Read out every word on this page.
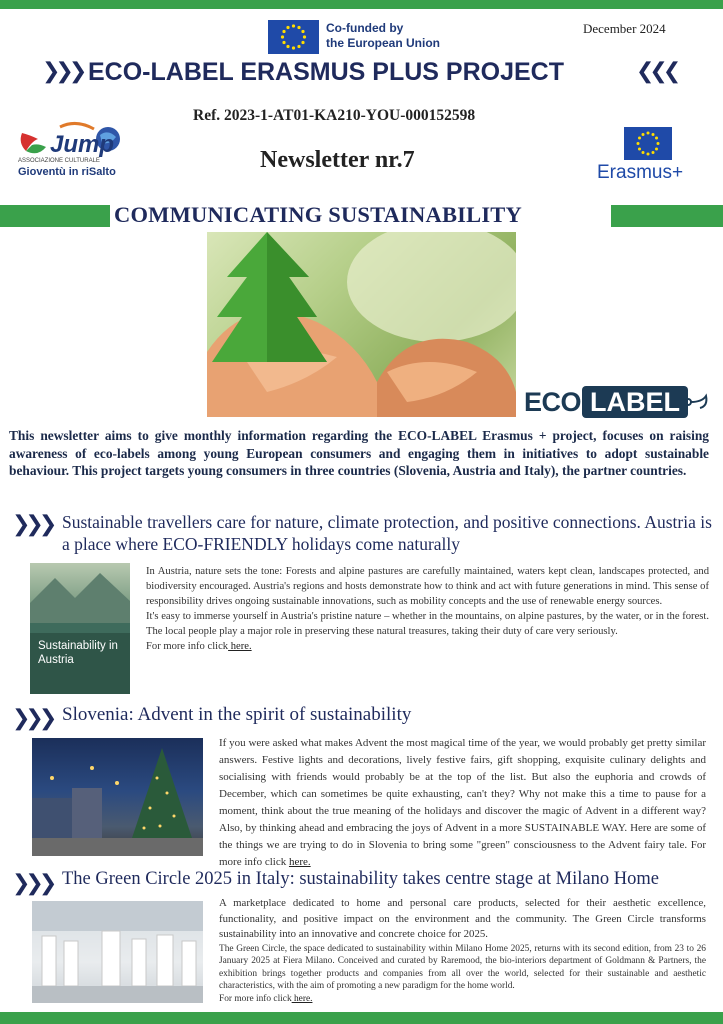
Co-funded by
the European Union
December 2024
❯❯❯ ECO-LABEL ERASMUS PLUS PROJECT	❮❮❮
Ref. 2023-1-AT01-KA210-YOU-000152598
Jump
ASSOCIAZIONE CULTURALE
Gioventù in riSalto	Newsletter nr.7	Erasmus+
COMMUNICATING SUSTAINABILITY
ECO LABEL
This newsletter aims to give monthly information regarding the ECO-LABEL Erasmus + project, focuses on raising awareness of eco-labels among young European consumers and engaging them in initiatives to adopt sustainable behaviour. This project targets young consumers in three countries (Slovenia, Austria and Italy), the partner countries.
❯❯❯ Sustainable travellers care for nature, climate protection, and positive connections. Austria is a place where ECO-FRIENDLY holidays come naturally
Sustainability in Austria
In Austria, nature sets the tone: Forests and alpine pastures are carefully maintained, waters kept clean, landscapes protected, and biodiversity encouraged. Austria's regions and hosts demonstrate how to think and act with future generations in mind. This sense of responsibility drives ongoing sustainable innovations, such as mobility concepts and the use of renewable energy sources.
It's easy to immerse yourself in Austria's pristine nature – whether in the mountains, on alpine pastures, by the water, or in the forest. The local people play a major role in preserving these natural treasures, taking their duty of care very seriously.
For more info click here.
❯❯❯ Slovenia: Advent in the spirit of sustainability
If you were asked what makes Advent the most magical time of the year, we would probably get pretty similar answers. Festive lights and decorations, lively festive fairs, gift shopping, exquisite culinary delights and socialising with friends would probably be at the top of the list. But also the euphoria and crowds of December, which can sometimes be quite exhausting, can't they? Why not make this a time to pause for a moment, think about the true meaning of the holidays and discover the magic of Advent in a different way? Also, by thinking ahead and embracing the joys of Advent in a more SUSTAINABLE WAY. Here are some of the things we are trying to do in Slovenia to bring some "green" consciousness to the Advent fairy tale. For more info click here.
❯❯❯ The Green Circle 2025 in Italy: sustainability takes centre stage at Milano Home
A marketplace dedicated to home and personal care products, selected for their aesthetic excellence, functionality, and positive impact on the environment and the community. The Green Circle transforms sustainability into an innovative and concrete choice for 2025.
The Green Circle, the space dedicated to sustainability within Milano Home 2025, returns with its second edition, from 23 to 26 January 2025 at Fiera Milano. Conceived and curated by Raremood, the bio-interiors department of Goldmann & Partners, the exhibition brings together products and companies from all over the world, selected for their sustainable and aesthetic characteristics, with the aim of promoting a new paradigm for the home world.
For more info click here.
